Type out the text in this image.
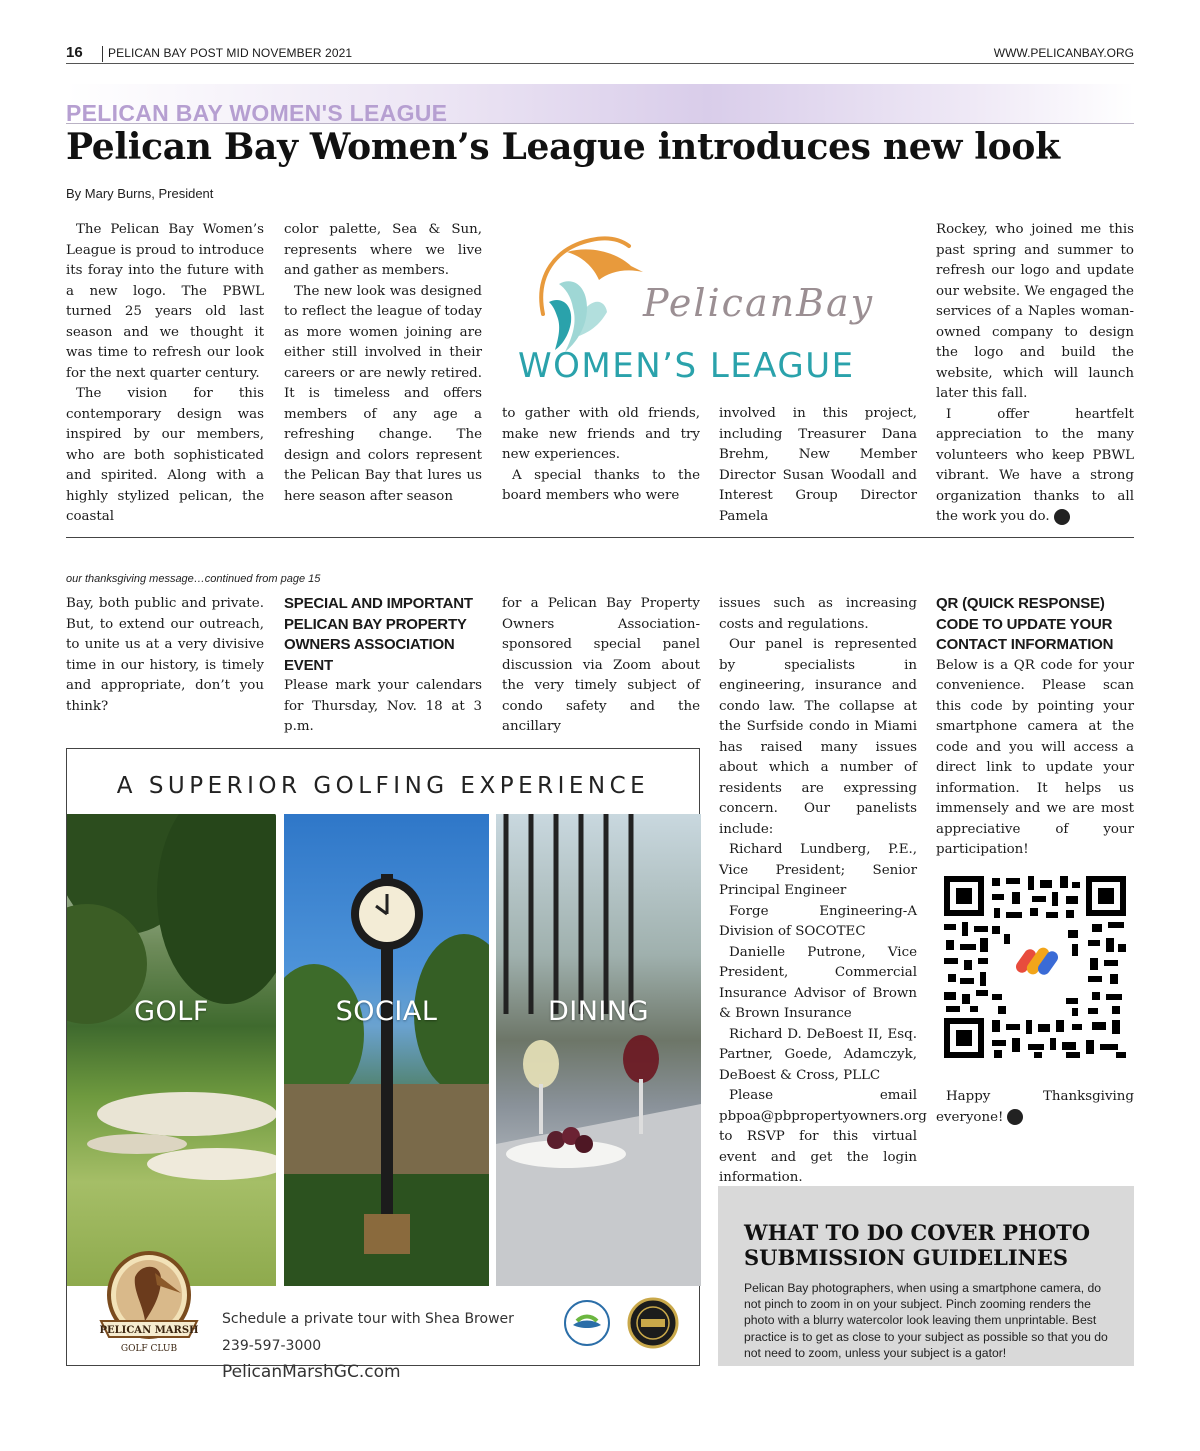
16 PELICAN BAY POST MID NOVEMBER 2021	WWW.PELICANBAY.ORG
PELICAN BAY WOMEN'S LEAGUE
Pelican Bay Women’s League introduces new look
By Mary Burns, President

The Pelican Bay Women’s League is proud to introduce its foray into the future with a new logo. The PBWL turned 25 years old last season and we thought it was time to refresh our look for the next quarter century.

The vision for this contemporary design was inspired by our members, who are both sophisticated and spirited. Along with a highly stylized pelican, the coastal

color palette, Sea & Sun, represents where we live and gather as members.

The new look was designed to reflect the league of today as more women joining are either still involved in their careers or are newly retired. It is timeless and offers members of any age a refreshing change. The design and colors represent the Pelican Bay that lures us here season after season

PelicanBay
WOMEN’S LEAGUE

to gather with old friends, make new friends and try new experiences.

A special thanks to the board members who were

involved in this project, including Treasurer Dana Brehm, New Member Director Susan Woodall and Interest Group Director Pamela

Rockey, who joined me this past spring and summer to refresh our logo and update our website. We engaged the services of a Naples woman-owned company to design the logo and build the website, which will launch later this fall.

I offer heartfelt appreciation to the many volunteers who keep PBWL vibrant. We have a strong organization thanks to all the work you do.

our thanksgiving message…continued from page 15

Bay, both public and private. But, to extend our outreach, to unite us at a very divisive time in our history, is timely and appropriate, don’t you think?

SPECIAL AND IMPORTANT PELICAN BAY PROPERTY OWNERS ASSOCIATION EVENT

Please mark your calendars for Thursday, Nov. 18 at 3 p.m.

for a Pelican Bay Property Owners Association-sponsored special panel discussion via Zoom about the very timely subject of condo safety and the ancillary

issues such as increasing costs and regulations.

Our panel is represented by specialists in engineering, insurance and condo law. The collapse at the Surfside condo in Miami has raised many issues about which a number of residents are expressing concern. Our panelists include:

Richard Lundberg, P.E., Vice President; Senior Principal Engineer

Forge Engineering-A Division of SOCOTEC

Danielle Putrone, Vice President, Commercial Insurance Advisor of Brown & Brown Insurance

Richard D. DeBoest II, Esq. Partner, Goede, Adamczyk, DeBoest & Cross, PLLC

Please email pbpoa@pbpropertyowners.org to RSVP for this virtual event and get the login information.

QR (QUICK RESPONSE) CODE TO UPDATE YOUR CONTACT INFORMATION

Below is a QR code for your convenience. Please scan this code by pointing your smartphone camera at the code and you will access a direct link to update your information. It helps us immensely and we are most appreciative of your participation!

Happy Thanksgiving everyone!

A SUPERIOR GOLFING EXPERIENCE
GOLF	SOCIAL	DINING
PELICAN MARSH
GOLF CLUB
Schedule a private tour with Shea Brower
239-597-3000
PelicanMarshGC.com
WHAT TO DO COVER PHOTO SUBMISSION GUIDELINES

Pelican Bay photographers, when using a smartphone camera, do not pinch to zoom in on your subject. Pinch zooming renders the photo with a blurry watercolor look leaving them unprintable. Best practice is to get as close to your subject as possible so that you do not need to zoom, unless your subject is a gator!
